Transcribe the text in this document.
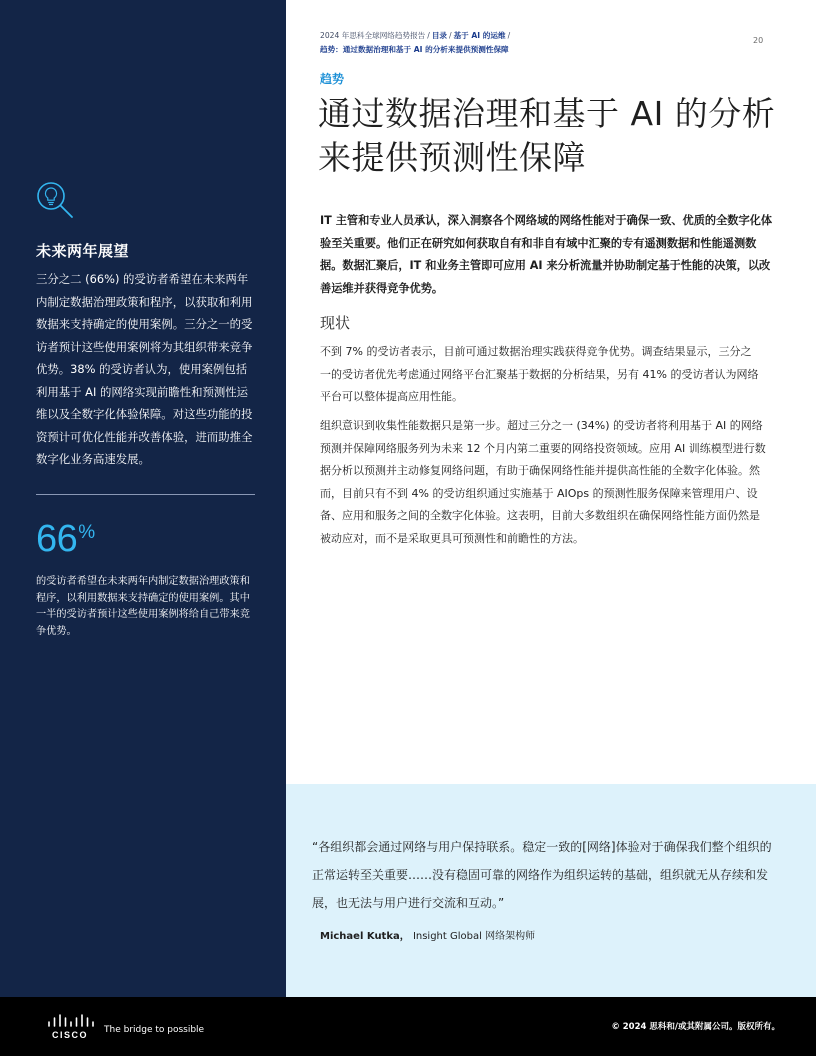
未来两年展望
三分之二 (66%) 的受访者希望在未来两年内制定数据治理政策和程序，以获取和利用数据来支持确定的使用案例。三分之一的受访者预计这些使用案例将为其组织带来竞争优势。38% 的受访者认为，使用案例包括利用基于 AI 的网络实现前瞻性和预测性运维以及全数字化体验保障。对这些功能的投资预计可优化性能并改善体验，进而助推全数字化业务高速发展。
66%
的受访者希望在未来两年内制定数据治理政策和程序，以利用数据来支持确定的使用案例。其中一半的受访者预计这些使用案例将给自己带来竞争优势。
2024 年思科全球网络趋势报告 / 目录 / 基于 AI 的运维 /
趋势：通过数据治理和基于 AI 的分析来提供预测性保障
20
趋势
通过数据治理和基于 AI 的分析来提供预测性保障
IT 主管和专业人员承认，深入洞察各个网络域的网络性能对于确保一致、优质的全数字化体验至关重要。他们正在研究如何获取自有和非自有域中汇聚的专有遥测数据和性能遥测数据。数据汇聚后，IT 和业务主管即可应用 AI 来分析流量并协助制定基于性能的决策，以改善运维并获得竞争优势。
现状
不到 7% 的受访者表示，目前可通过数据治理实践获得竞争优势。调查结果显示，三分之一的受访者优先考虑通过网络平台汇聚基于数据的分析结果，另有 41% 的受访者认为网络平台可以整体提高应用性能。
组织意识到收集性能数据只是第一步。超过三分之一 (34%) 的受访者将利用基于 AI 的网络预测并保障网络服务列为未来 12 个月内第二重要的网络投资领域。应用 AI 训练模型进行数据分析以预测并主动修复网络问题，有助于确保网络性能并提供高性能的全数字化体验。然而，目前只有不到 4% 的受访组织通过实施基于 AIOps 的预测性服务保障来管理用户、设备、应用和服务之间的全数字化体验。这表明，目前大多数组织在确保网络性能方面仍然是被动应对，而不是采取更具可预测性和前瞻性的方法。
“各组织都会通过网络与用户保持联系。稳定一致的[网络]体验对于确保我们整个组织的正常运转至关重要……没有稳固可靠的网络作为组织运转的基础，组织就无从存续和发展，也无法与用户进行交流和互动。”
Michael Kutka， Insight Global 网络架构师
CISCO The bridge to possible	© 2024 思科和/或其附属公司。版权所有。
